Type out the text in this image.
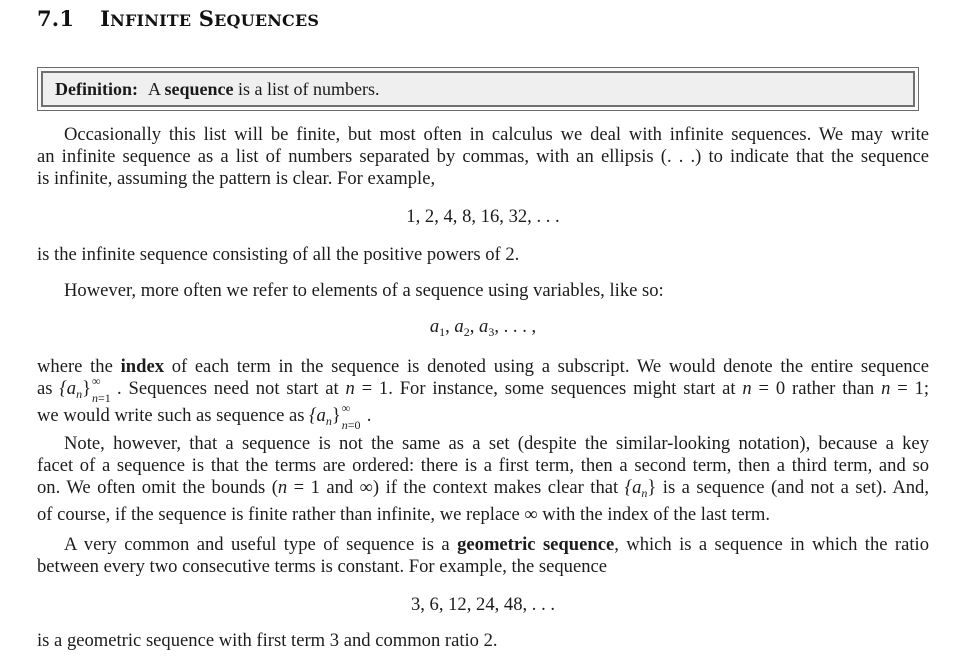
7.1 INFINITE SEQUENCES
Definition: A sequence is a list of numbers.
Occasionally this list will be finite, but most often in calculus we deal with infinite sequences. We may write
an infinite sequence as a list of numbers separated by commas, with an ellipsis (. . .) to indicate that the sequence
is infinite, assuming the pattern is clear. For example,
1, 2, 4, 8, 16, 32, . . .
is the infinite sequence consisting of all the positive powers of 2.
However, more often we refer to elements of a sequence using variables, like so:
$a_1$, $a_2$, $a_3$, . . . ,
where the index of each term in the sequence is denoted using a subscript. We would denote the entire sequence
as $\{a_n\}$ ∞
n=1 . Sequences need not start at n = 1. For instance, some sequences might start at n = 0 rather than n = 1;
we would write such as sequence as $\{a_n\}$ ∞
n=0 .
Note, however, that a sequence is not the same as a set (despite the similar-looking notation), because a key
facet of a sequence is that the terms are ordered: there is a first term, then a second term, then a third term, and so
on. We often omit the bounds (n = 1 and ∞) if the context makes clear that $\{a_n\}$ is a sequence (and not a set). And,
of course, if the sequence is finite rather than infinite, we replace ∞ with the index of the last term.
A very common and useful type of sequence is a geometric sequence, which is a sequence in which the ratio
between every two consecutive terms is constant. For example, the sequence
3, 6, 12, 24, 48, . . .
is a geometric sequence with first term 3 and common ratio 2.
